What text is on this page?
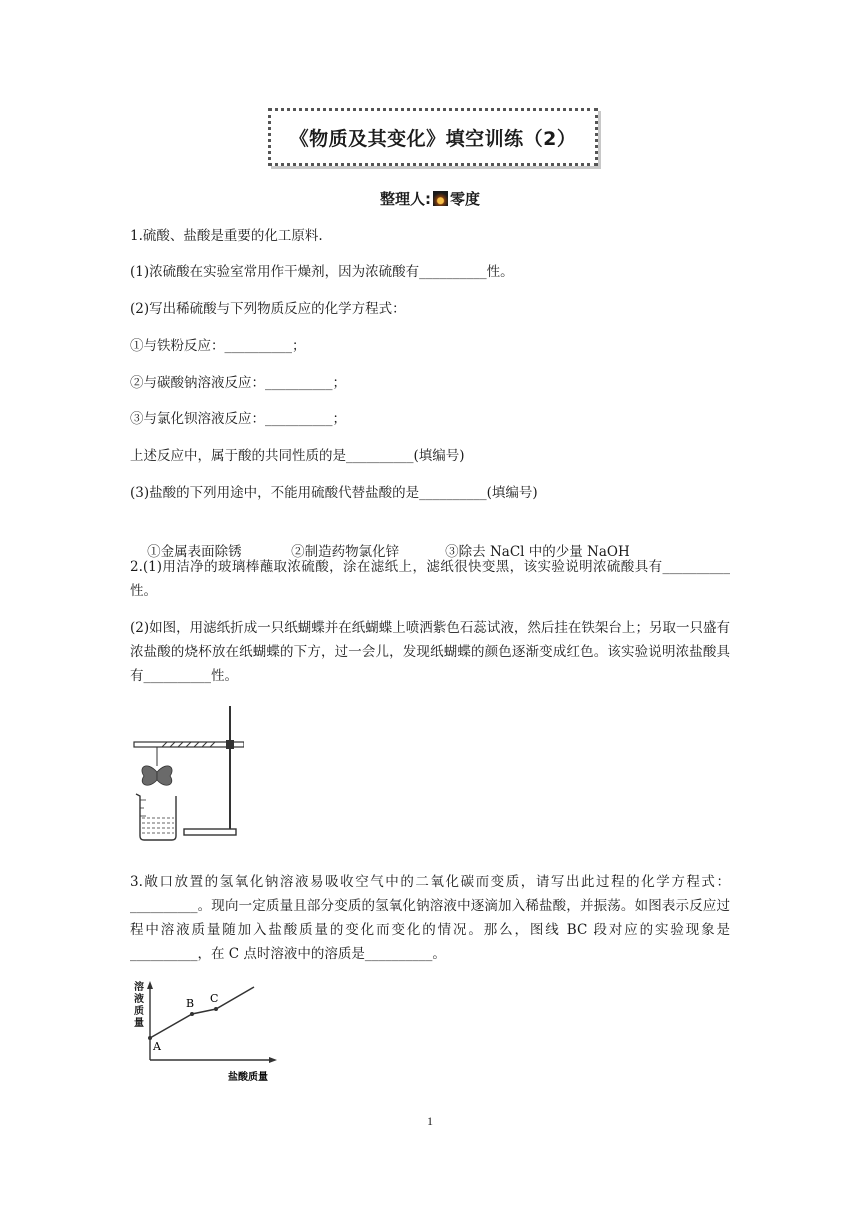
《物质及其变化》填空训练（2）
整理人: 零度
1.硫酸、盐酸是重要的化工原料.
(1)浓硫酸在实验室常用作干燥剂，因为浓硫酸有__________性。
(2)写出稀硫酸与下列物质反应的化学方程式：
①与铁粉反应：__________；
②与碳酸钠溶液反应：__________；
③与氯化钡溶液反应：__________；
上述反应中，属于酸的共同性质的是__________(填编号)
(3)盐酸的下列用途中，不能用硫酸代替盐酸的是__________(填编号)

①金属表面除锈	②制造药物氯化锌	③除去 NaCl 中的少量 NaOH

2.(1)用洁净的玻璃棒蘸取浓硫酸，涂在滤纸上，滤纸很快变黑，该实验说明浓硫酸具有__________性。
(2)如图，用滤纸折成一只纸蝴蝶并在纸蝴蝶上喷洒紫色石蕊试液，然后挂在铁架台上；另取一只盛有浓盐酸的烧杯放在纸蝴蝶的下方，过一会儿，发现纸蝴蝶的颜色逐渐变成红色。该实验说明浓盐酸具有__________性。
3.敞口放置的氢氧化钠溶液易吸收空气中的二氧化碳而变质，请写出此过程的化学方程式：__________。现向一定质量且部分变质的氢氧化钠溶液中逐滴加入稀盐酸，并振荡。如图表示反应过程中溶液质量随加入盐酸质量的变化而变化的情况。那么，图线 BC 段对应的实验现象是__________，在 C 点时溶液中的溶质是__________。
A
B C
盐酸质量
溶液质量
1
